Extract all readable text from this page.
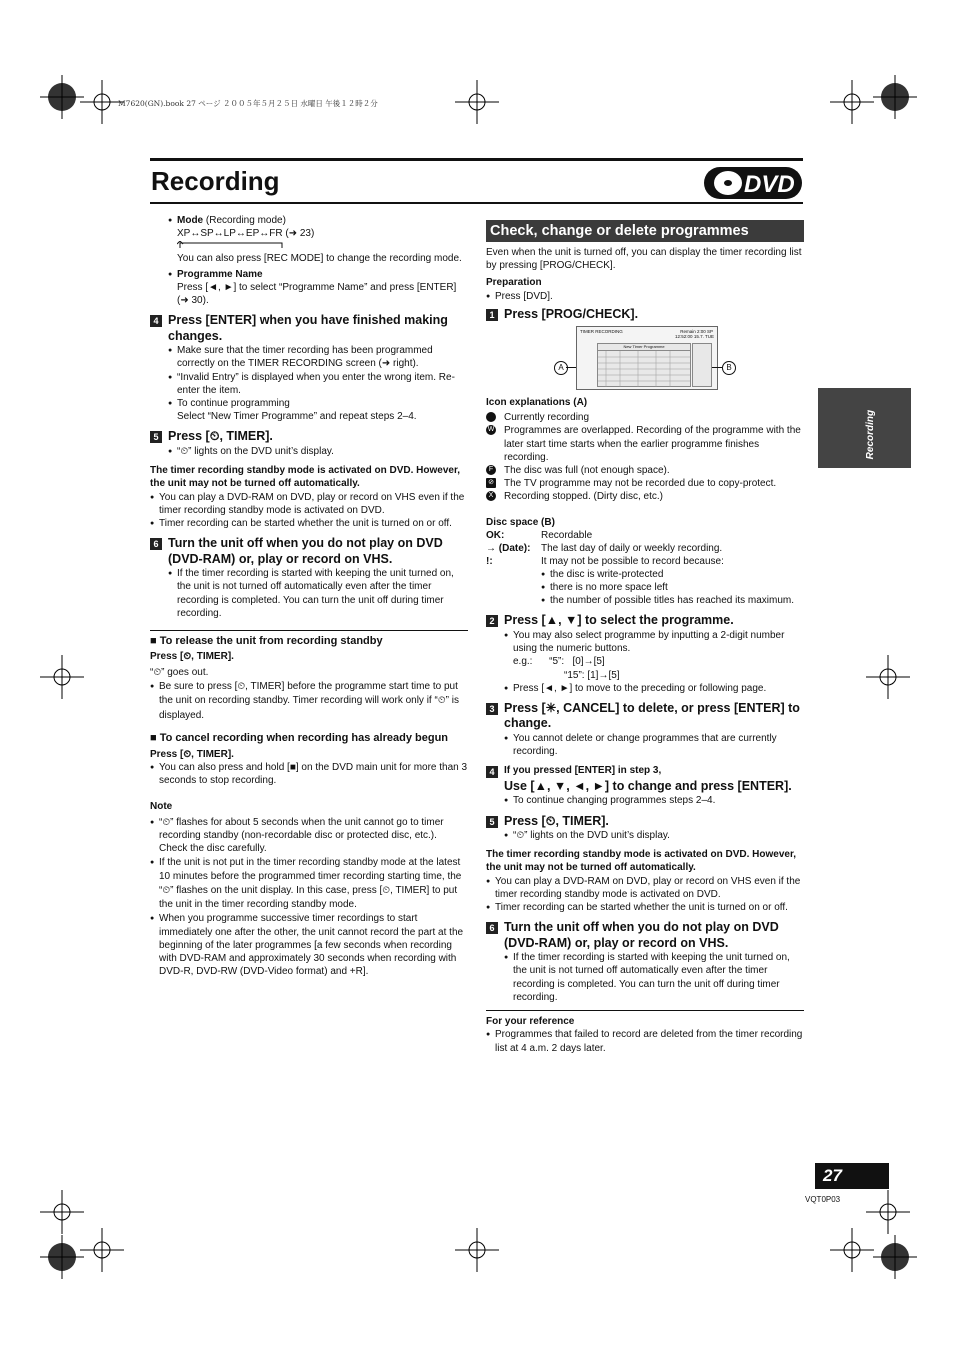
M7620(GN).book 27 ページ ２００５年５月２５日 水曜日 午後１２時２分
Recording	DVD
● Mode (Recording mode)
XP↔SP↔LP↔EP↔FR (➜ 23)
You can also press [REC MODE] to change the recording mode.
● Programme Name
Press [◄, ►] to select “Programme Name” and press [ENTER] (➜ 30).
4 Press [ENTER] when you have finished making changes.
● Make sure that the timer recording has been programmed correctly on the TIMER RECORDING screen (➜ right).
● “Invalid Entry” is displayed when you enter the wrong item. Re-enter the item.
● To continue programming
Select “New Timer Programme” and repeat steps 2–4.
5 Press [⏲, TIMER].
● “⏲” lights on the DVD unit’s display.
The timer recording standby mode is activated on DVD. However, the unit may not be turned off automatically.
● You can play a DVD-RAM on DVD, play or record on VHS even if the timer recording standby mode is activated on DVD.
● Timer recording can be started whether the unit is turned on or off.
6 Turn the unit off when you do not play on DVD (DVD-RAM) or, play or record on VHS.
● If the timer recording is started with keeping the unit turned on, the unit is not turned off automatically even after the timer recording is completed. You can turn the unit off during timer recording.
■ To release the unit from recording standby
Press [⏲, TIMER].
“⏲” goes out.
● Be sure to press [⏲, TIMER] before the programme start time to put the unit on recording standby. Timer recording will work only if “⏲” is displayed.
■ To cancel recording when recording has already begun
Press [⏲, TIMER].
● You can also press and hold [■] on the DVD main unit for more than 3 seconds to stop recording.
Note
● “⏲” flashes for about 5 seconds when the unit cannot go to timer recording standby (non-recordable disc or protected disc, etc.). Check the disc carefully.
● If the unit is not put in the timer recording standby mode at the latest 10 minutes before the programmed timer recording starting time, the “⏲” flashes on the unit display. In this case, press [⏲, TIMER] to put the unit in the timer recording standby mode.
● When you programme successive timer recordings to start immediately one after the other, the unit cannot record the part at the beginning of the later programmes [a few seconds when recording with DVD-RAM and approximately 30 seconds when recording with DVD-R, DVD-RW (DVD-Video format) and +R].
Check, change or delete programmes
Even when the unit is turned off, you can display the timer recording list by pressing [PROG/CHECK].
Preparation
● Press [DVD].
1 Press [PROG/CHECK].
TIMER RECORDING	Remain 2:00 SP
12:52:00 15.7. TUE
New Timer Programme
A	B
Icon explanations (A)
Currently recording
W Programmes are overlapped. Recording of the programme with the later start time starts when the earlier programme finishes recording.
F The disc was full (not enough space).
⊘ The TV programme may not be recorded due to copy-protect.
X Recording stopped. (Dirty disc, etc.)
Disc space (B)
OK:	Recordable
→ (Date): The last day of daily or weekly recording.
!:	It may not be possible to record because:
● the disc is write-protected
● there is no more space left
● the number of possible titles has reached its maximum.
2 Press [▲, ▼] to select the programme.
● You may also select programme by inputting a 2-digit number using the numeric buttons.
e.g.:      “5”:   [0]→[5]
“15”: [1]→[5]
● Press [◄, ►] to move to the preceding or following page.
3 Press [✳, CANCEL] to delete, or press [ENTER] to change.
● You cannot delete or change programmes that are currently recording.
4 If you pressed [ENTER] in step 3,
Use [▲, ▼, ◄, ►] to change and press [ENTER].
● To continue changing programmes steps 2–4.
5 Press [⏲, TIMER].
● “⏲” lights on the DVD unit’s display.
The timer recording standby mode is activated on DVD. However, the unit may not be turned off automatically.
● You can play a DVD-RAM on DVD, play or record on VHS even if the timer recording standby mode is activated on DVD.
● Timer recording can be started whether the unit is turned on or off.
6 Turn the unit off when you do not play on DVD (DVD-RAM) or, play or record on VHS.
● If the timer recording is started with keeping the unit turned on, the unit is not turned off automatically even after the timer recording is completed. You can turn the unit off during timer recording.
For your reference
● Programmes that failed to record are deleted from the timer recording list at 4 a.m. 2 days later.
Recording
27
VQT0P03
